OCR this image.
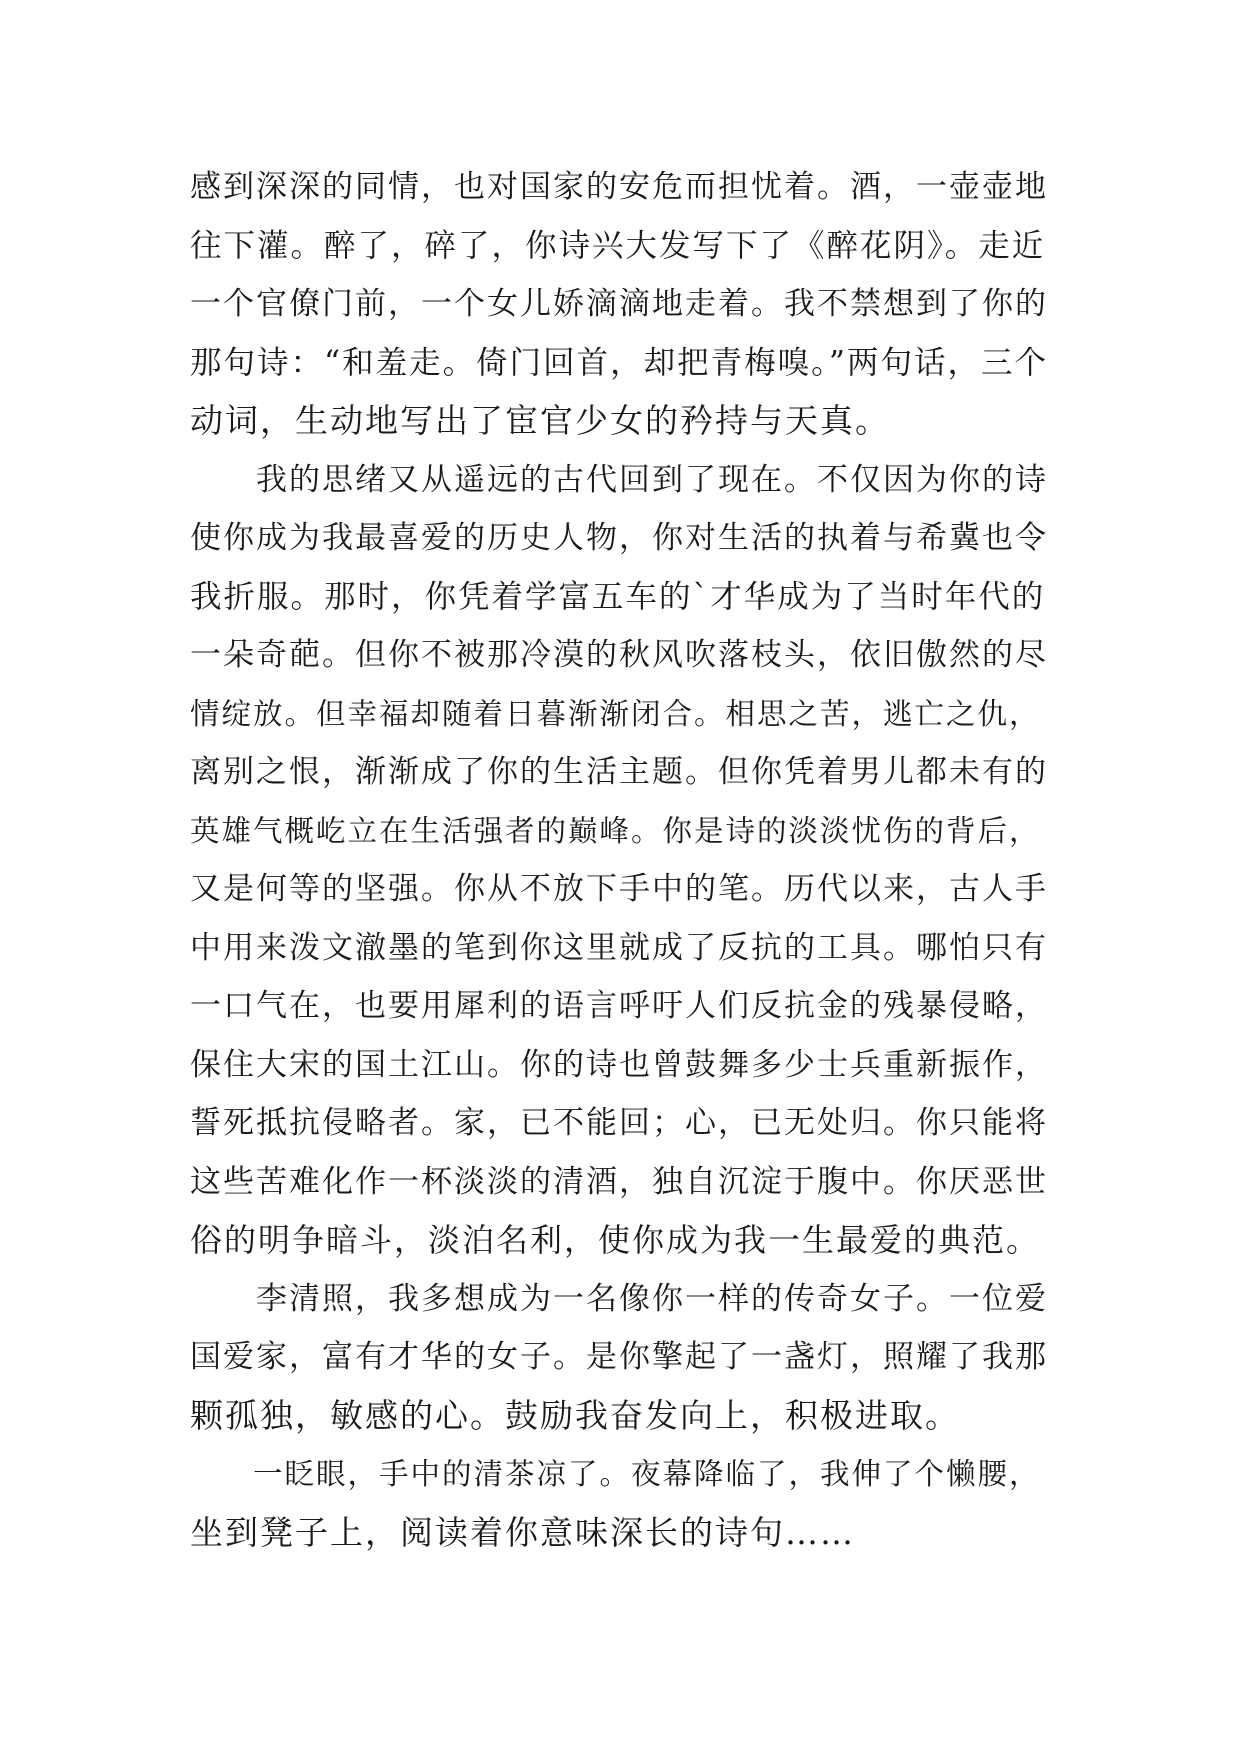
感到深深的同情，也对国家的安危而担忧着。酒，一壶壶地
往下灌。醉了，碎了，你诗兴大发写下了《醉花阴》。走近
一个官僚门前，一个女儿娇滴滴地走着。我不禁想到了你的
那句诗：“和羞走。倚门回首，却把青梅嗅。”两句话，三个
动词，生动地写出了宦官少女的矜持与天真。
　　我的思绪又从遥远的古代回到了现在。不仅因为你的诗
使你成为我最喜爱的历史人物，你对生活的执着与希冀也令
我折服。那时，你凭着学富五车的`才华成为了当时年代的
一朵奇葩。但你不被那冷漠的秋风吹落枝头，依旧傲然的尽
情绽放。但幸福却随着日暮渐渐闭合。相思之苦，逃亡之仇，
离别之恨，渐渐成了你的生活主题。但你凭着男儿都未有的
英雄气概屹立在生活强者的巅峰。你是诗的淡淡忧伤的背后，
又是何等的坚强。你从不放下手中的笔。历代以来，古人手
中用来泼文澈墨的笔到你这里就成了反抗的工具。哪怕只有
一口气在，也要用犀利的语言呼吁人们反抗金的残暴侵略，
保住大宋的国土江山。你的诗也曾鼓舞多少士兵重新振作，
誓死抵抗侵略者。家，已不能回；心，已无处归。你只能将
这些苦难化作一杯淡淡的清酒，独自沉淀于腹中。你厌恶世
俗的明争暗斗，淡泊名利，使你成为我一生最爱的典范。
　　李清照，我多想成为一名像你一样的传奇女子。一位爱
国爱家，富有才华的女子。是你擎起了一盏灯，照耀了我那
颗孤独，敏感的心。鼓励我奋发向上，积极进取。
　　一眨眼，手中的清茶凉了。夜幕降临了，我伸了个懒腰，
坐到凳子上，阅读着你意味深长的诗句……
